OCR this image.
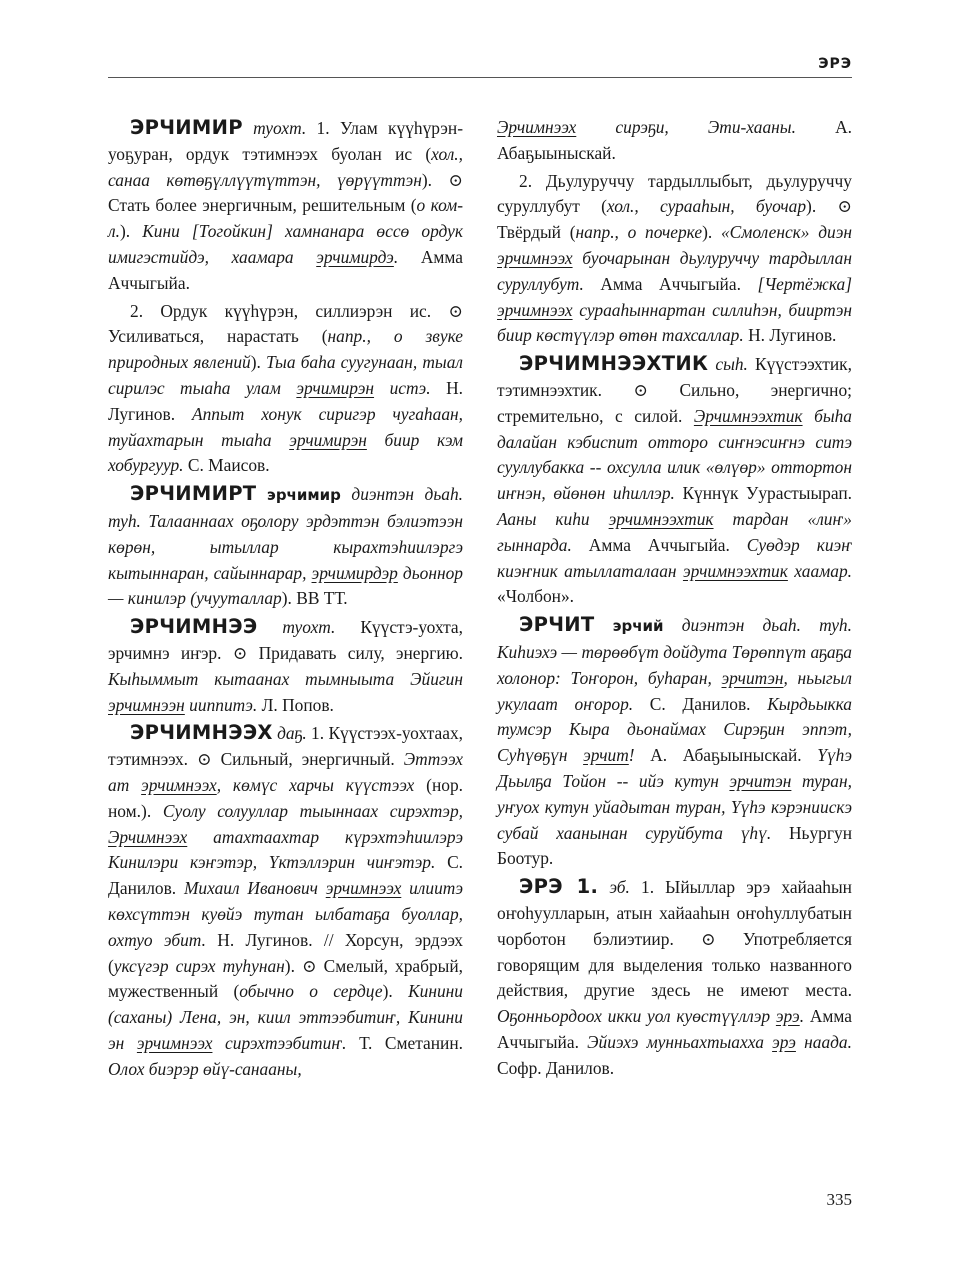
ЭРЭ

ЭРЧИМИР туохт. 1. Улам күүhүрэн-уоҕуран, ордук тэтимнээх буолан ис (хол., санаа көтөҕүллүүтүттэн, үөрүүттэн). ⊙ Стать более энергичным, решительным (о ком-л.). Кини [Тогойкин] хамнанара өссө ордук имигэстийдэ, хаамара эрчимирдэ. Амма Аччыгыйа.

2. Ордук күүhүрэн, силлиэрэн ис. ⊙ Усиливаться, нарастать (напр., о звуке природных явлений). Тыа баhа суугунаан, тыал сирилэс тыаhа улам эрчимирэн истэ. Н. Лугинов. Аппыт хонук сиригэр чугаhаан, туйахтарын тыаhа эрчимирэн биир кэм хобургуур. С. Маисов.

ЭРЧИМИРТ эрчимир диэнтэн дьаh. туh. Талааннаах оҕолору эрдэттэн бэлиэтээн көрөн, ытыллар кырахтэhиилэргэ кытыннаран, сайыннарар, эрчимирдэр дьоннор — кинилэр (учууталлар). ВВ ТТ.

ЭРЧИМНЭЭ туохт. Күүстэ-уохта, эрчимнэ иҥэр. ⊙ Придавать силу, энергию. Кыhыммыт кытаанах тымныыта Эйигин эрчимнээн ииппитэ. Л. Попов.

ЭРЧИМНЭЭХ даҕ. 1. Күүстээх-уохтаах, тэтимнээх. ⊙ Сильный, энергичный. Эттээх ат эрчимнээх, көмүс харчы күүстээх (нор. ном.). Суолу солууллар тыыннаах сирэхтэр, Эрчимнээх атахтаахтар күрэхтэhиилэрэ Кинилэри кэҥэтэр, Үктэллэрин чиҥэтэр. С. Данилов. Михаил Иванович эрчимнээх илиитэ көхсүттэн куөйэ тутан ылбатаҕа буоллар, охтуо эбит. Н. Лугинов. // Хорсун, эрдээх (уксүгэр сирэх туhунан). ⊙ Смелый, храбрый, мужественный (обычно о сердце). Кинини (саханы) Лена, эн, киил эттээбитиҥ, Кинини эн эрчимнээх сирэхтээбитиҥ. Т. Сметанин. Олох биэрэр өйү-санааны,

Эрчимнээх сирэҕи, Эти-хааны. А. Абаҕыыныскай.

2. Дьулуруччу тардыллыбыт, дьулуруччу суруллубут (хол., сурааhын, буочар). ⊙ Твёрдый (напр., о почерке). «Смоленск» диэн эрчимнээх буочарынан дьулуруччу тардыллан суруллубут. Амма Аччыгыйа. [Чертёжка] эрчимнээх сурааhыннартан силлиhэн, бииртэн биир көстүүлэр өтөн тахсаллар. Н. Лугинов.

ЭРЧИМНЭЭХТИК сыh. Күүстээхтик, тэтимнээхтик. ⊙ Сильно, энергично; стремительно, с силой. Эрчимнээхтик быhа далайан кэбиспит отторо сиҥнэсиҥнэ ситэ сууллубакка -- охсулла илик «өлүөр» оттортон иҥнэн, өйөнөн иhиллэр. Күннүк Уурастыырап. Ааны киhи эрчимнээхтик тардан «лиҥ» гыннарда. Амма Аччыгыйа. Суөдэр киэҥ киэҥник атыллаталаан эрчимнээхтик хаамар. «Чолбон».

ЭРЧИТ эрчий диэнтэн дьаh. туh. Киhиэхэ — төрөөбүт дойдута Төрөппүт аҕаҕа холонор: Тоҥорон, буhаран, эрчитэн, ньыгыл укулаат оҥорор. С. Данилов. Кырдьыкка тумсэр Кыра дьонаймах Сирэҕин эппэт, Суhүөҕүн эрчит! А. Абаҕыыныскай. Үүhэ Дьылҕа Тойон -- ийэ кутун эрчитэн туран, уҥуох кутун уйадытан туран, Үүhэ кэрэниискэ субай хаанынан суруйбута үhү. Ньургун Боотур.

ЭРЭ 1. эб. 1. Ыйыллар эрэ хайааhын оҥоhуулларын, атын хайааhын оҥоhуллубатын чорботон бэлиэтиир. ⊙ Употребляется говорящим для выделения только названного действия, другие здесь не имеют места. Оҕонньордоох икки уол куөстүүллэр эрэ. Амма Аччыгыйа. Эйиэхэ мунньахтыахха эрэ наада. Софр. Данилов.

335
